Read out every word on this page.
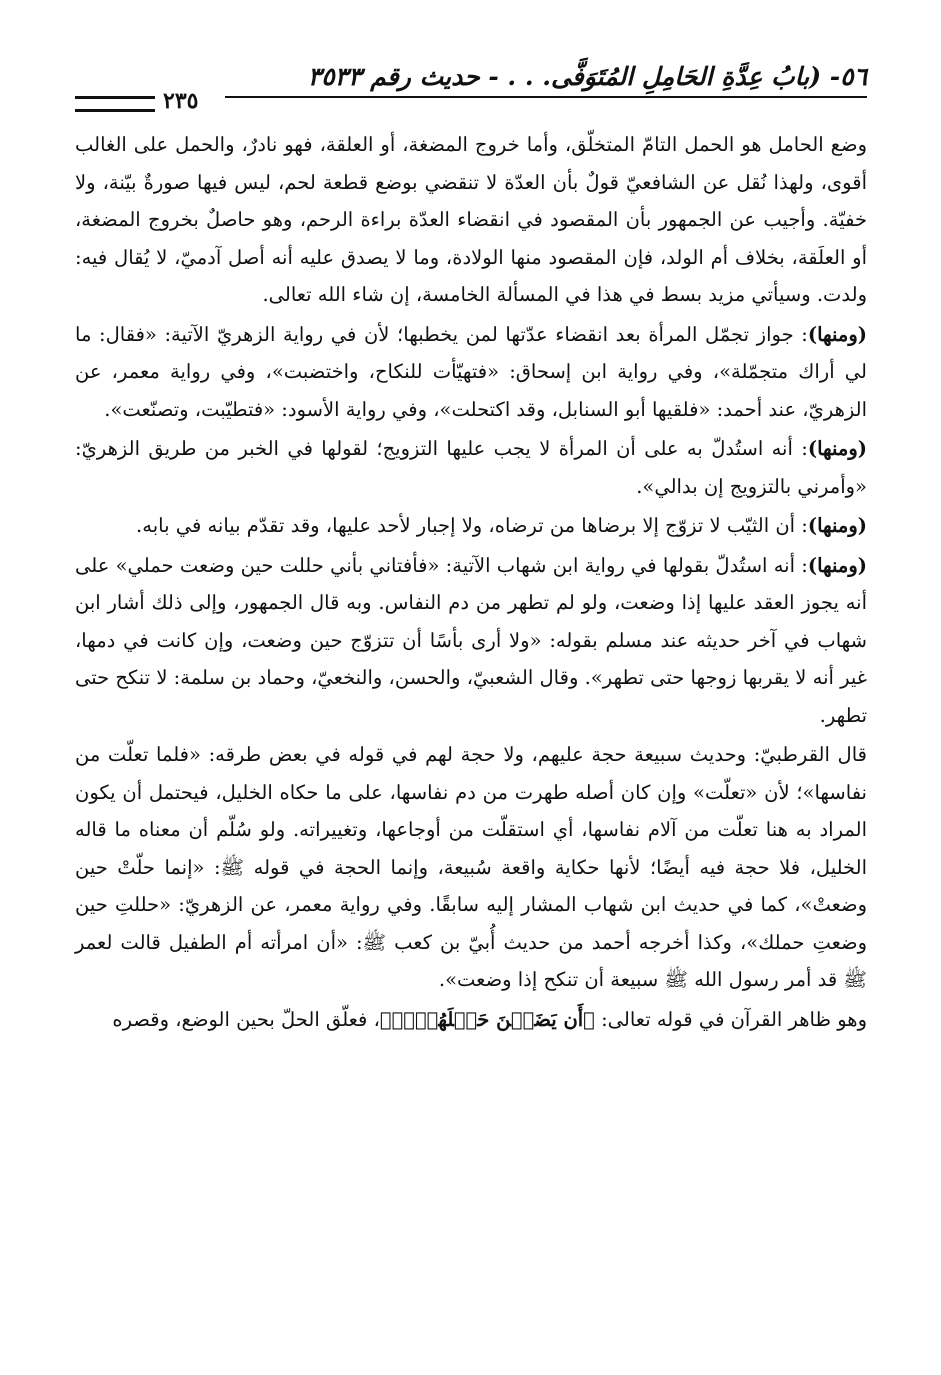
٥٦- (بابُ عِدَّةِ الحَامِلِ المُتَوَفَّى. . . - حديث رقم ٣٥٣٣
٢٣٥

وضع الحامل هو الحمل التامّ المتخلّق، وأما خروج المضغة، أو العلقة، فهو نادرٌ، والحمل على الغالب أقوى، ولهذا نُقل عن الشافعيّ قولٌ بأن العدّة لا تنقضي بوضع قطعة لحم، ليس فيها صورةٌ بيّنة، ولا خفيّة. وأجيب عن الجمهور بأن المقصود في انقضاء العدّة براءة الرحم، وهو حاصلٌ بخروج المضغة، أو العلَقة، بخلاف أم الولد، فإن المقصود منها الولادة، وما لا يصدق عليه أنه أصل آدميّ، لا يُقال فيه: ولدت. وسيأتي مزيد بسط في هذا في المسألة الخامسة، إن شاء الله تعالى.

(ومنها): جواز تجمّل المرأة بعد انقضاء عدّتها لمن يخطبها؛ لأن في رواية الزهريّ الآتية: «فقال: ما لي أراك متجمّلة»، وفي رواية ابن إسحاق: «فتهيّأت للنكاح، واختضبت»، وفي رواية معمر، عن الزهريّ، عند أحمد: «فلقيها أبو السنابل، وقد اكتحلت»، وفي رواية الأسود: «فتطيّبت، وتصنّعت».

(ومنها): أنه استُدلّ به على أن المرأة لا يجب عليها التزويج؛ لقولها في الخبر من طريق الزهريّ: «وأمرني بالتزويج إن بدالي».

(ومنها): أن الثيّب لا تزوّج إلا برضاها من ترضاه، ولا إجبار لأحد عليها، وقد تقدّم بيانه في بابه.

(ومنها): أنه استُدلّ بقولها في رواية ابن شهاب الآتية: «فأفتاني بأني حللت حين وضعت حملي» على أنه يجوز العقد عليها إذا وضعت، ولو لم تطهر من دم النفاس. وبه قال الجمهور، وإلى ذلك أشار ابن شهاب في آخر حديثه عند مسلم بقوله: «ولا أرى بأسًا أن تتزوّج حين وضعت، وإن كانت في دمها، غير أنه لا يقربها زوجها حتى تطهر». وقال الشعبيّ، والحسن، والنخعيّ، وحماد بن سلمة: لا تنكح حتى تطهر.

قال القرطبيّ: وحديث سبيعة حجة عليهم، ولا حجة لهم في قوله في بعض طرقه: «فلما تعلّت من نفاسها»؛ لأن «تعلّت» وإن كان أصله طهرت من دم نفاسها، على ما حكاه الخليل، فيحتمل أن يكون المراد به هنا تعلّت من آلام نفاسها، أي استقلّت من أوجاعها، وتغييراته. ولو سُلّم أن معناه ما قاله الخليل، فلا حجة فيه أيضًا؛ لأنها حكاية واقعة سُبيعة، وإنما الحجة في قوله ﷺ: «إنما حلّتْ حين وضعتْ»، كما في حديث ابن شهاب المشار إليه سابقًا. وفي رواية معمر، عن الزهريّ: «حللتِ حين وضعتِ حملك»، وكذا أخرجه أحمد من حديث أُبيّ بن كعب ﷺ: «أن امرأته أم الطفيل قالت لعمر ﷺ قد أمر رسول الله ﷺ سبيعة أن تنكح إذا وضعت».

وهو ظاهر القرآن في قوله تعالى: ﴿أَن يَضَعۡنَ حَمۡلَهُنَّۚ﴾، فعلّق الحلّ بحين الوضع، وقصره
